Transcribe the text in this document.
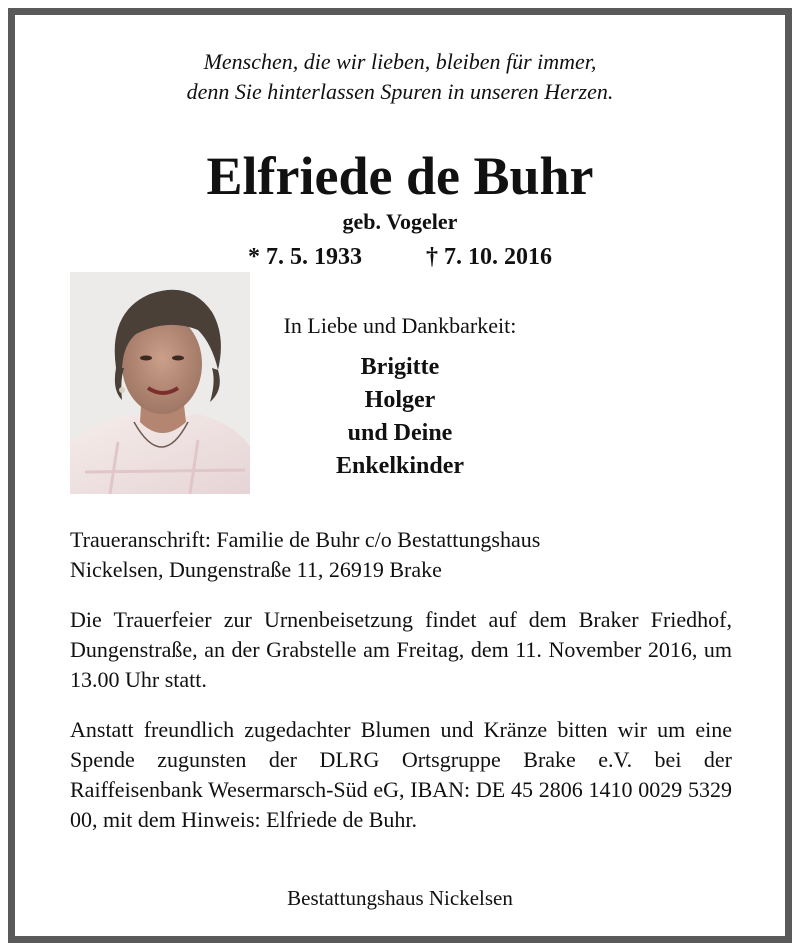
Menschen, die wir lieben, bleiben für immer,
denn Sie hinterlassen Spuren in unseren Herzen.
Elfriede de Buhr
geb. Vogeler
* 7. 5. 1933	† 7. 10. 2016
In Liebe und Dankbarkeit:
Brigitte
Holger
und Deine
Enkelkinder
Traueranschrift: Familie de Buhr c/o Bestattungshaus
Nickelsen, Dungenstraße 11, 26919 Brake
Die Trauerfeier zur Urnenbeisetzung findet auf dem Braker Friedhof, Dungenstraße, an der Grabstelle am Freitag, dem 11. November 2016, um 13.00 Uhr statt.
Anstatt freundlich zugedachter Blumen und Kränze bitten wir um eine Spende zugunsten der DLRG Ortsgruppe Brake e.V. bei der Raiffeisenbank Wesermarsch-Süd eG, IBAN: DE 45 2806 1410 0029 5329 00, mit dem Hinweis: Elfriede de Buhr.
Bestattungshaus Nickelsen
